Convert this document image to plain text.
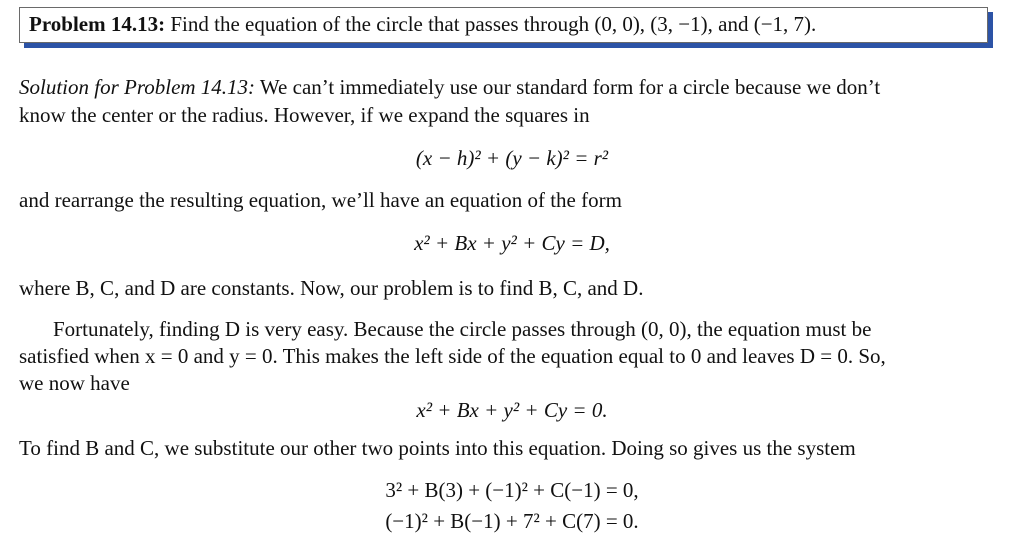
Problem 14.13: Find the equation of the circle that passes through (0, 0), (3, −1), and (−1, 7).
Solution for Problem 14.13: We can’t immediately use our standard form for a circle because we don’t
know the center or the radius. However, if we expand the squares in
(x − h)² + (y − k)² = r²
and rearrange the resulting equation, we’ll have an equation of the form
x² + Bx + y² + Cy = D,
where B, C, and D are constants. Now, our problem is to find B, C, and D.
Fortunately, finding D is very easy. Because the circle passes through (0, 0), the equation must be
satisfied when x = 0 and y = 0. This makes the left side of the equation equal to 0 and leaves D = 0. So,
we now have
x² + Bx + y² + Cy = 0.
To find B and C, we substitute our other two points into this equation. Doing so gives us the system
3² + B(3) + (−1)² + C(−1) = 0,
(−1)² + B(−1) + 7² + C(7) = 0.
